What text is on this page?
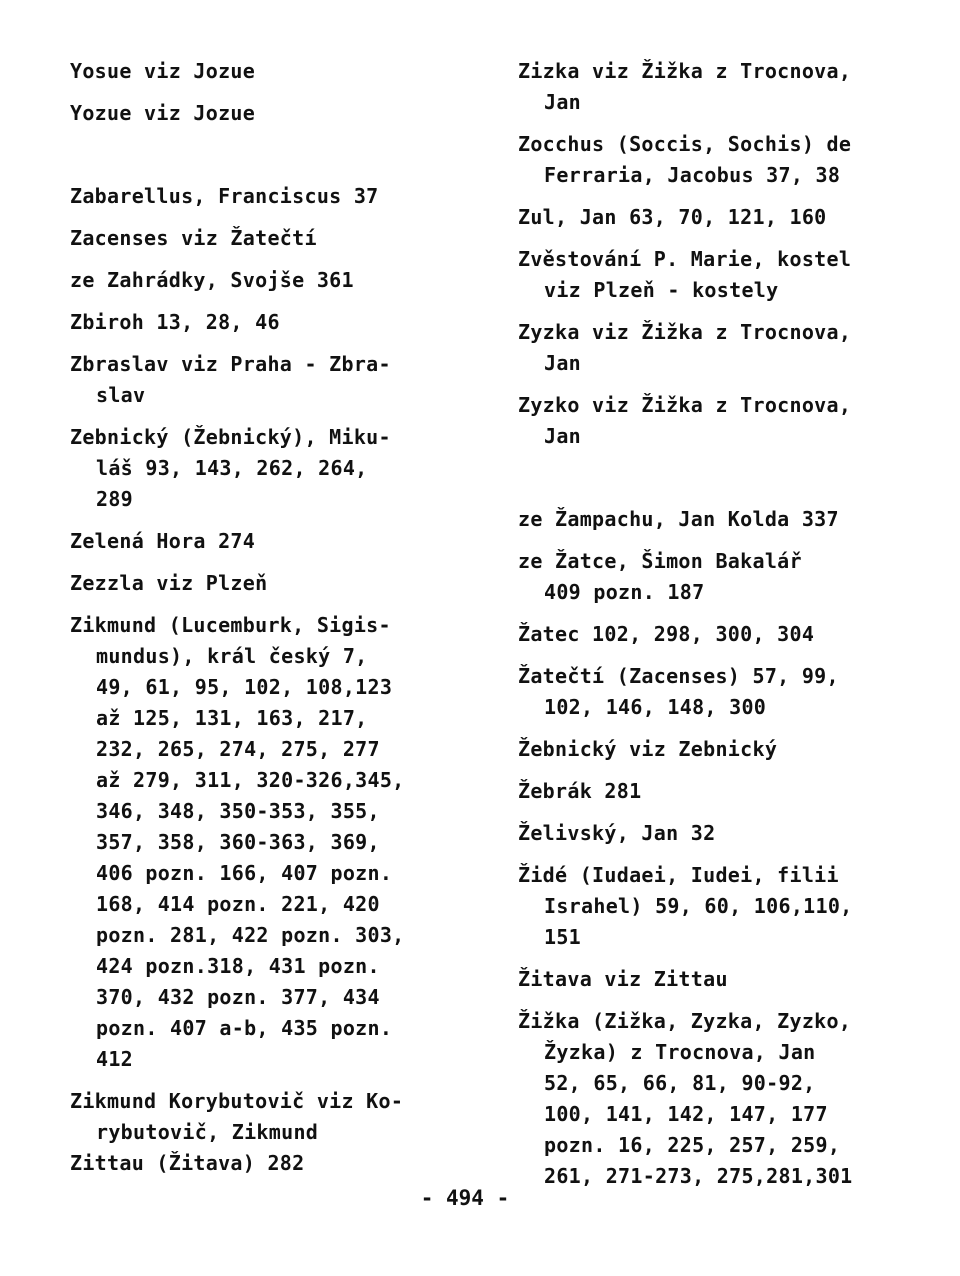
Yosue viz Jozue
Yozue viz Jozue
Zabarellus, Franciscus 37
Zacenses viz Žatečtí
ze Zahrádky, Svojše 361
Zbiroh 13, 28, 46
Zbraslav viz Praha - Zbra-
slav
Zebnický (Žebnický), Miku-
láš 93, 143, 262, 264,
289
Zelená Hora 274
Zezzla viz Plzeň
Zikmund (Lucemburk, Sigis-
mundus), král český 7,
49, 61, 95, 102, 108,123
až 125, 131, 163, 217,
232, 265, 274, 275, 277
až 279, 311, 320-326,345,
346, 348, 350-353, 355,
357, 358, 360-363, 369,
406 pozn. 166, 407 pozn.
168, 414 pozn. 221, 420
pozn. 281, 422 pozn. 303,
424 pozn.318, 431 pozn.
370, 432 pozn. 377, 434
pozn. 407 a-b, 435 pozn.
412
Zikmund Korybutovič viz Ko-
rybutovič, Zikmund
Zittau (Žitava) 282
Zizka viz Žižka z Trocnova,
Jan
Zocchus (Soccis, Sochis) de
Ferraria, Jacobus 37, 38
Zul, Jan 63, 70, 121, 160
Zvěstování P. Marie, kostel
viz Plzeň - kostely
Zyzka viz Žižka z Trocnova,
Jan
Zyzko viz Žižka z Trocnova,
Jan
ze Žampachu, Jan Kolda 337
ze Žatce, Šimon Bakalář
409 pozn. 187
Žatec 102, 298, 300, 304
Žatečtí (Zacenses) 57, 99,
102, 146, 148, 300
Žebnický viz Zebnický
Žebrák 281
Želivský, Jan 32
Židé (Iudaei, Iudei, filii
Israhel) 59, 60, 106,110,
151
Žitava viz Zittau
Žižka (Zižka, Zyzka, Zyzko,
Žyzka) z Trocnova, Jan
52, 65, 66, 81, 90-92,
100, 141, 142, 147, 177
pozn. 16, 225, 257, 259,
261, 271-273, 275,281,301
- 494 -
